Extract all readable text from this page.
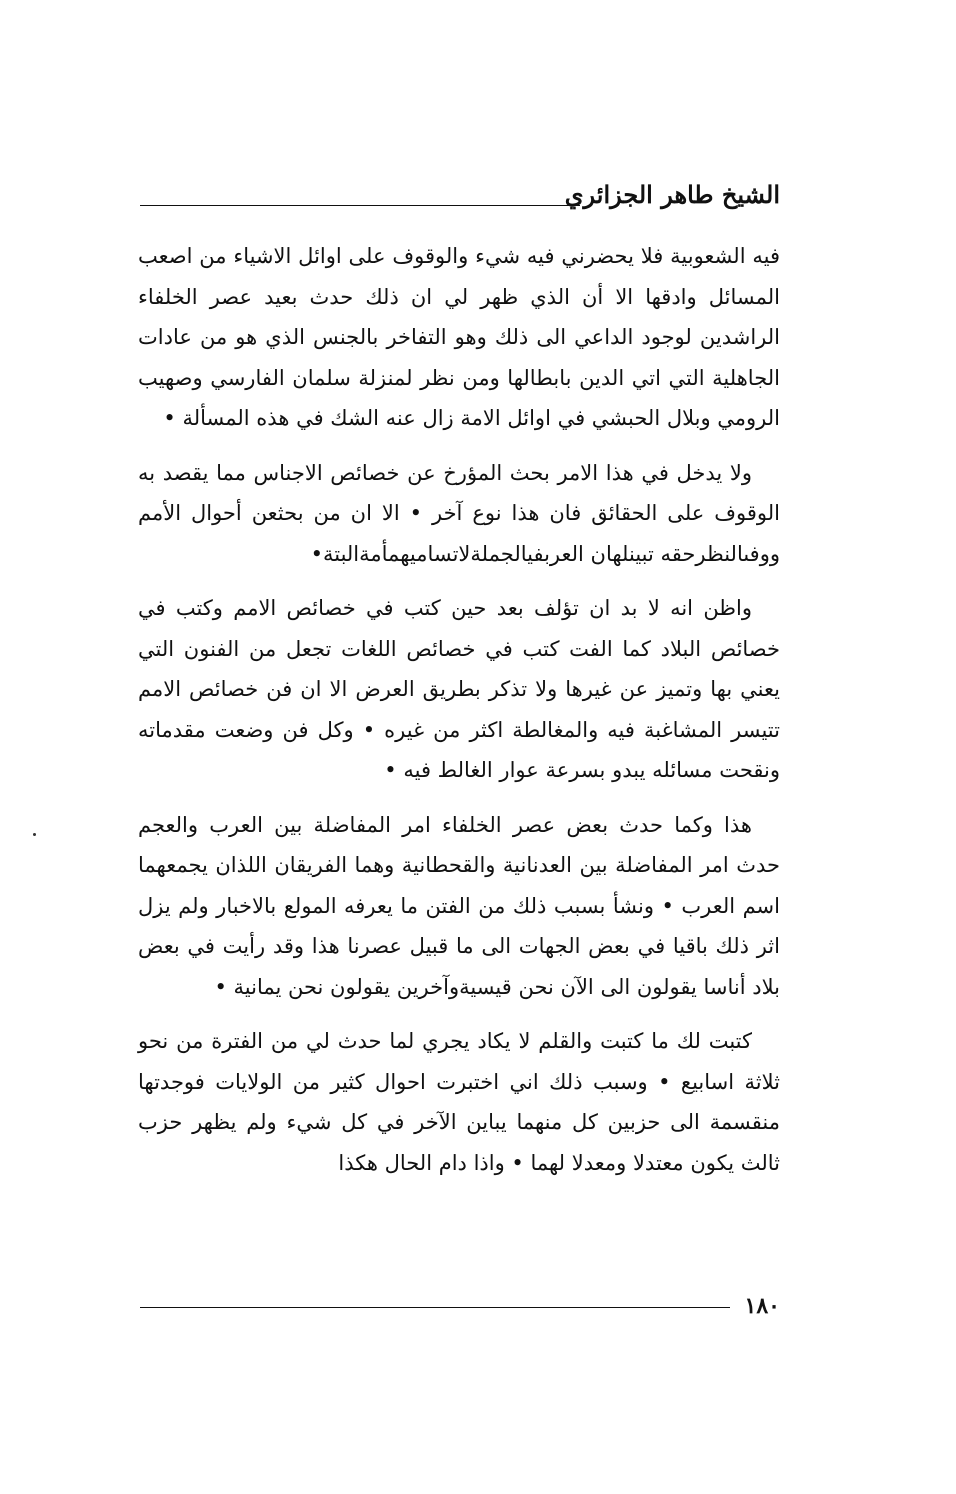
الشيخ طاهر الجزائري

فيه الشعوبية فلا يحضرني فيه شيء والوقوف على اوائل الاشياء من اصعب المسائل وادقها الا أن الذي ظهر لي ان ذلك حدث بعيد عصر الخلفاء الراشدين لوجود الداعي الى ذلك وهو التفاخر بالجنس الذي هو من عادات الجاهلية التي اتي الدين بابطالها ومن نظر لمنزلة سلمان الفارسي وصهيب الرومي وبلال الحبشي في اوائل الامة زال عنه الشك في هذه المسألة •

ولا يدخل في هذا الامر بحث المؤرخ عن خصائص الاجناس مما يقصد به الوقوف على الحقائق فان هذا نوع آخر • الا ان من بحثعن أحوال الأمم ووفىالنظرحقه تبينلهان العربفيالجملةلاتساميهمأمةالبتة•

واظن انه لا بد ان تؤلف بعد حين كتب في خصائص الامم وكتب في خصائص البلاد كما الفت كتب في خصائص اللغات تجعل من الفنون التي يعني بها وتميز عن غيرها ولا تذكر بطريق العرض الا ان فن خصائص الامم تتيسر المشاغبة فيه والمغالطة اكثر من غيره • وكل فن وضعت مقدماته ونقحت مسائله يبدو بسرعة عوار الغالط فيه •

هذا وكما حدث بعض عصر الخلفاء امر المفاضلة بين العرب والعجم حدث امر المفاضلة بين العدنانية والقحطانية وهما الفريقان اللذان يجمعهما اسم العرب • ونشأ بسبب ذلك من الفتن ما يعرفه المولع بالاخبار ولم يزل اثر ذلك باقيا في بعض الجهات الى ما قبيل عصرنا هذا وقد رأيت في بعض بلاد أناسا يقولون الى الآن نحن قيسيةوآخرين يقولون نحن يمانية •

كتبت لك ما كتبت والقلم لا يكاد يجري لما حدث لي من الفترة من نحو ثلاثة اسابيع • وسبب ذلك اني اختبرت احوال كثير من الولايات فوجدتها منقسمة الى حزبين كل منهما يباين الآخر في كل شيء ولم يظهر حزب ثالث يكون معتدلا ومعدلا لهما • واذا دام الحال هكذا

١٨٠
